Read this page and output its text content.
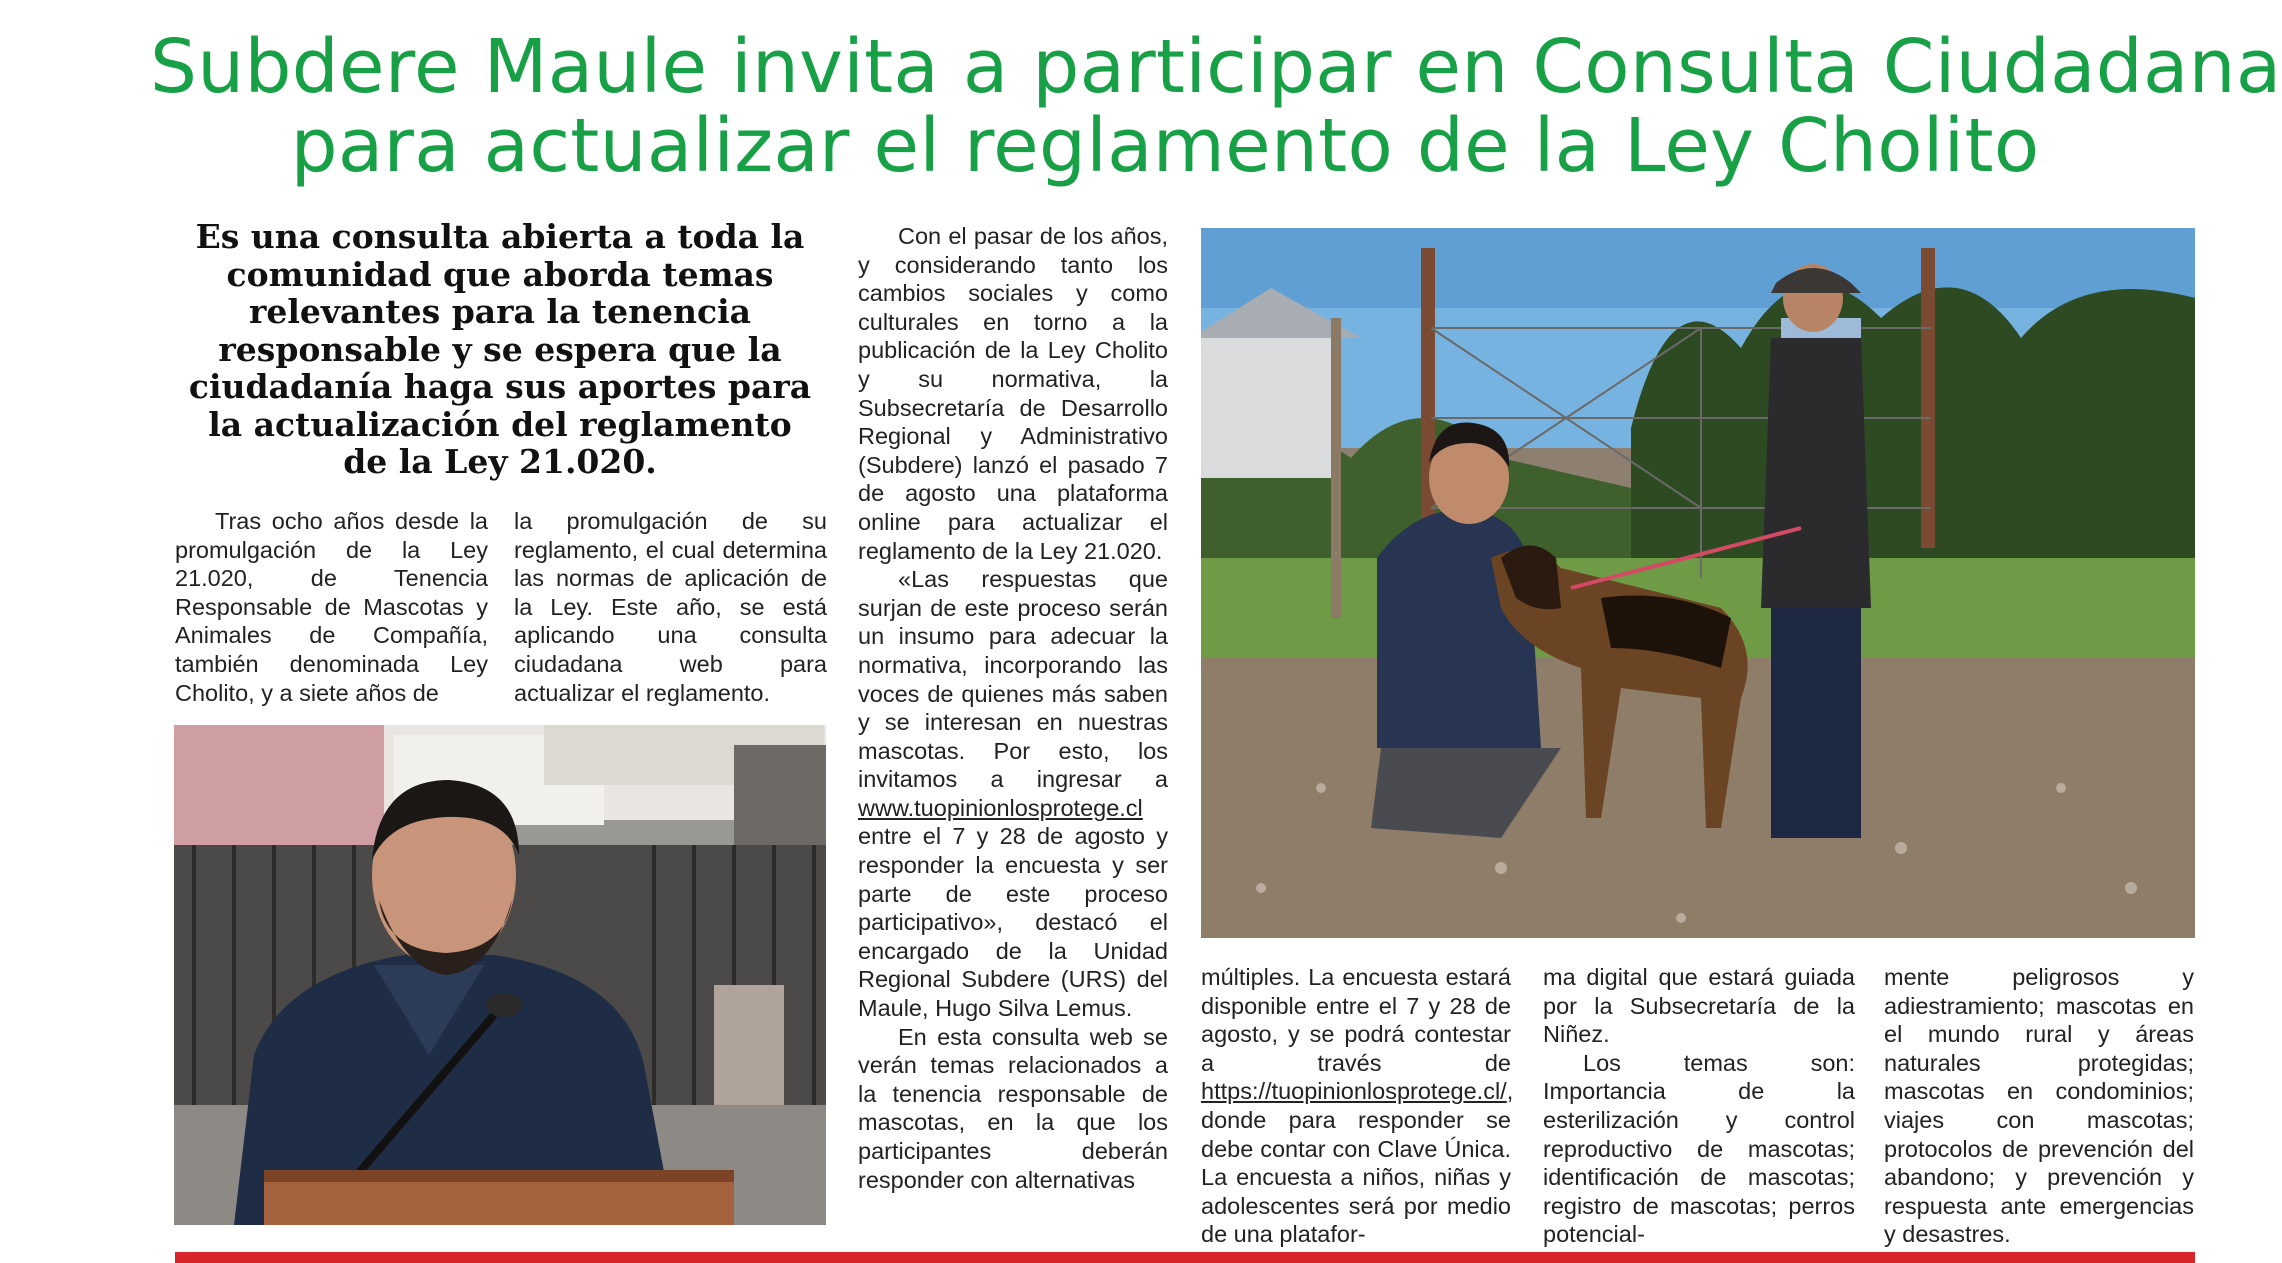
Subdere Maule invita a participar en Consulta Ciudadana
para actualizar el reglamento de la Ley Cholito
Es una consulta abierta a toda la
comunidad que aborda temas
relevantes para la tenencia
responsable y se espera que la
ciudadanía haga sus aportes para
la actualización del reglamento
de la Ley 21.020.

Tras ocho años desde la promulgación de la Ley 21.020, de Tenencia Responsable de Mascotas y Animales de Compañía, también denominada Ley Cholito, y a siete años de

la promulgación de su reglamento, el cual determina las normas de aplicación de la Ley. Este año, se está aplicando una consulta ciudadana web para actualizar el reglamento.

Con el pasar de los años, y considerando tanto los cambios sociales y como culturales en torno a la publicación de la Ley Cholito y su normativa, la Subsecretaría de Desarrollo Regional y Administrativo (Subdere) lanzó el pasado 7 de agosto una plataforma online para actualizar el reglamento de la Ley 21.020.

«Las respuestas que surjan de este proceso serán un insumo para adecuar la normativa, incorporando las voces de quienes más saben y se interesan en nuestras mascotas. Por esto, los invitamos a ingresar a www.tuopinionlosprotege.cl entre el 7 y 28 de agosto y responder la encuesta y ser parte de este proceso participativo», destacó el encargado de la Unidad Regional Subdere (URS) del Maule, Hugo Silva Lemus.

En esta consulta web se verán temas relacionados a la tenencia responsable de mascotas, en la que los participantes deberán responder con alternativas

múltiples. La encuesta estará disponible entre el 7 y 28 de agosto, y se podrá contestar a través de https://tuopinionlosprotege.cl/, donde para responder se debe contar con Clave Única. La encuesta a niños, niñas y adolescentes será por medio de una platafor-

ma digital que estará guiada por la Subsecretaría de la Niñez.

Los temas son: Importancia de la esterilización y control reproductivo de mascotas; identificación de mascotas; registro de mascotas; perros potencial-

mente peligrosos y adiestramiento; mascotas en el mundo rural y áreas naturales protegidas; mascotas en condominios; viajes con mascotas; protocolos de prevención del abandono; y prevención y respuesta ante emergencias y desastres.
